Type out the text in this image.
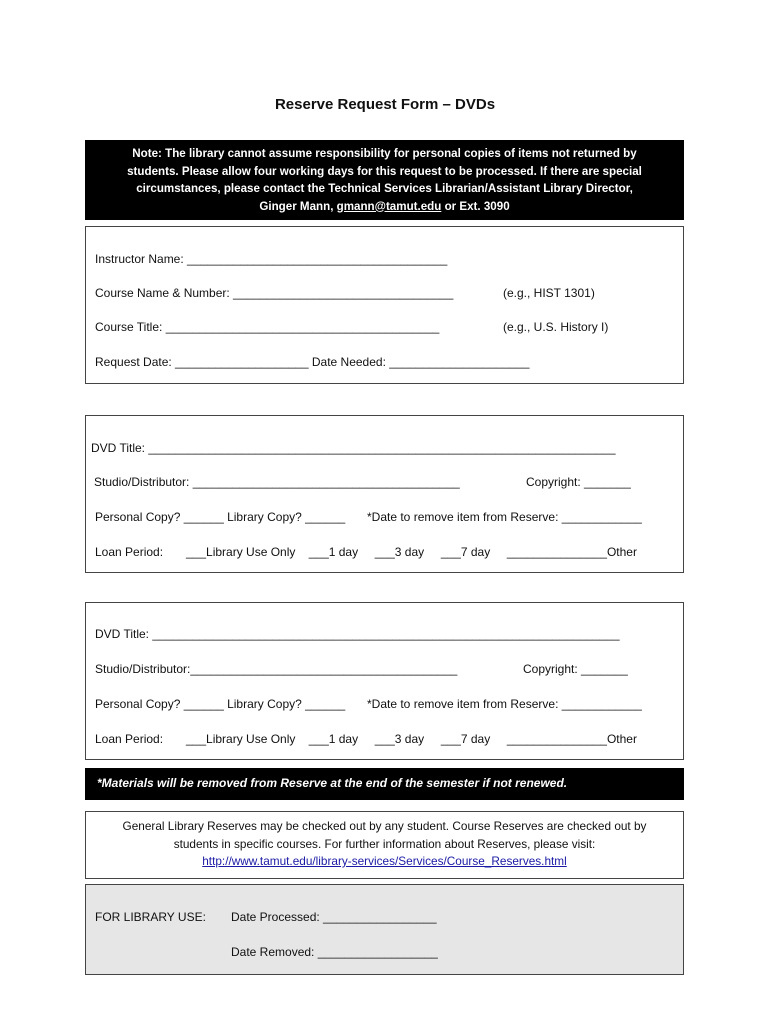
Reserve Request Form – DVDs
Note: The library cannot assume responsibility for personal copies of items not returned by
students. Please allow four working days for this request to be processed. If there are special
circumstances, please contact the Technical Services Librarian/Assistant Library Director,
Ginger Mann, gmann@tamut.edu or Ext. 3090
Instructor Name: _______________________________________
Course Name & Number: _________________________________	(e.g., HIST 1301)
Course Title: _________________________________________	(e.g., U.S. History I)
Request Date: ____________________ Date Needed: _____________________
DVD Title: ______________________________________________________________________
Studio/Distributor: ________________________________________	Copyright: _______
Personal Copy? ______ Library Copy? ______ *Date to remove item from Reserve: ____________
Loan Period: ___Library Use Only    ___1 day     ___3 day     ___7 day     _______________Other
DVD Title: ______________________________________________________________________
Studio/Distributor:________________________________________	Copyright: _______
Personal Copy? ______ Library Copy? ______ *Date to remove item from Reserve: ____________
Loan Period: ___Library Use Only    ___1 day     ___3 day     ___7 day     _______________Other
*Materials will be removed from Reserve at the end of the semester if not renewed.
General Library Reserves may be checked out by any student. Course Reserves are checked out by
students in specific courses. For further information about Reserves, please visit:
http://www.tamut.edu/library-services/Services/Course_Reserves.html
FOR LIBRARY USE: Date Processed: _________________
Date Removed: __________________
